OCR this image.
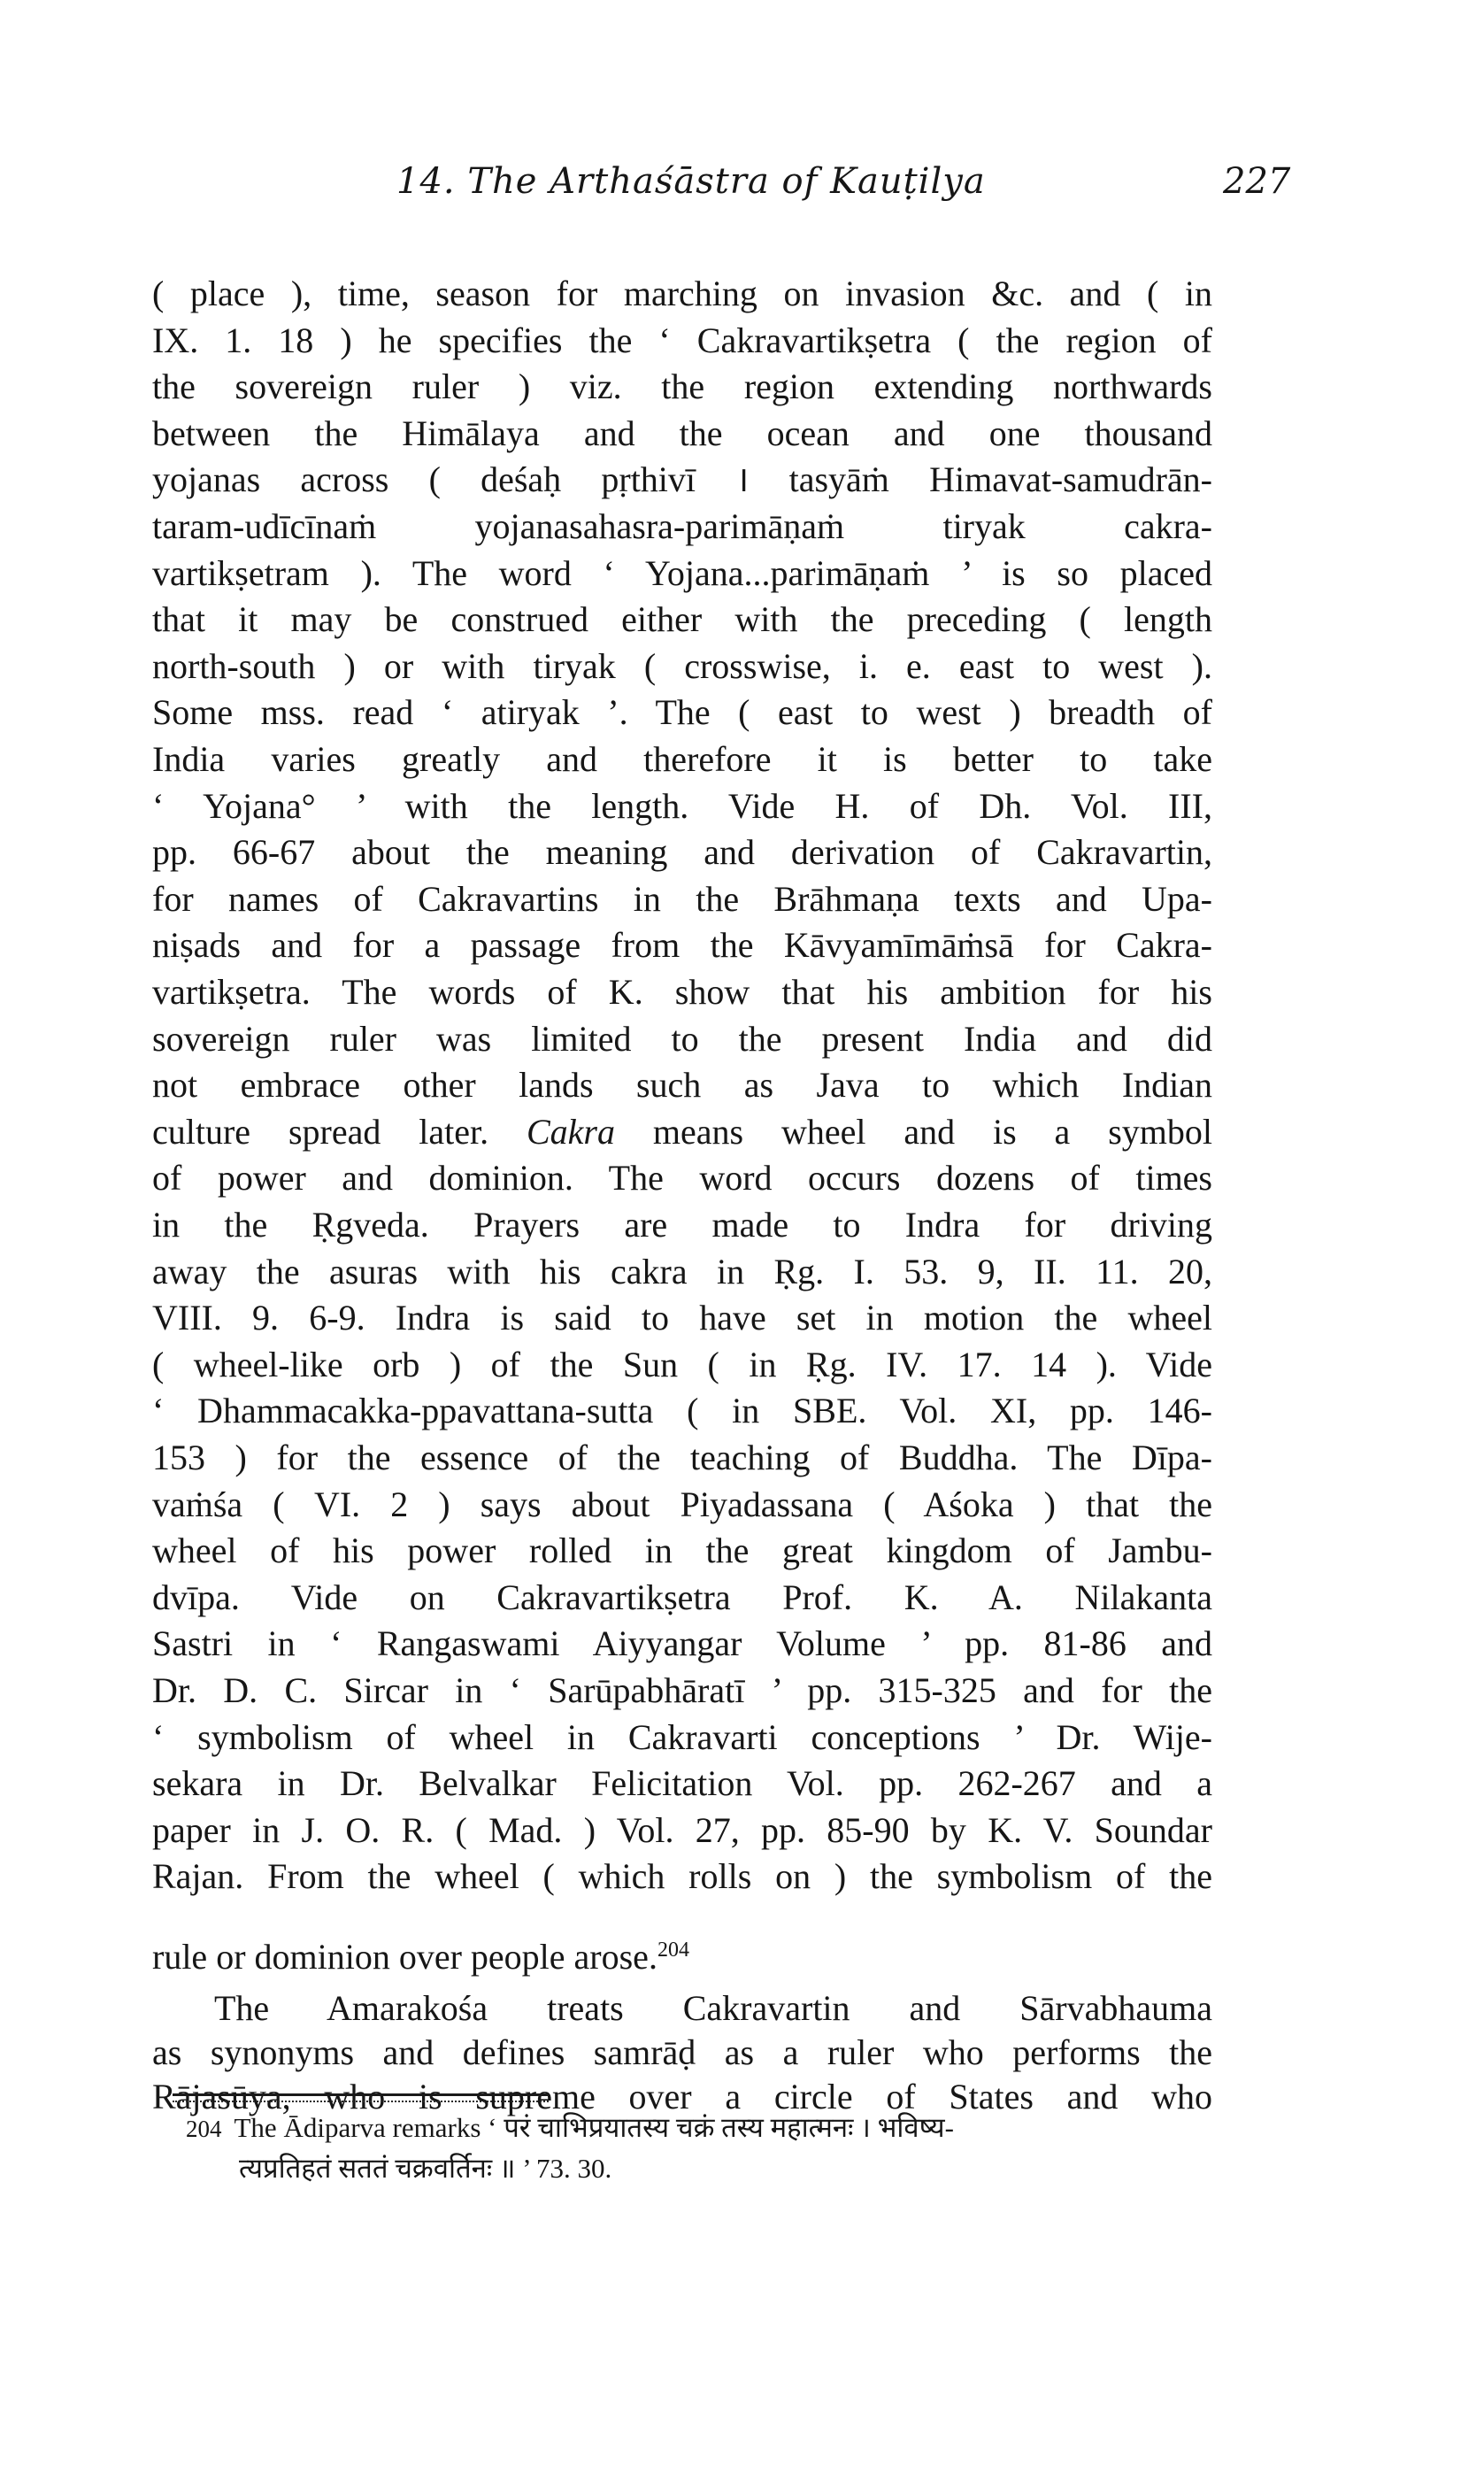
14. The Arthaśāstra of Kauṭilya	227
( place ), time, season for marching on invasion &c. and ( in
IX. 1. 18 ) he specifies the ‘ Cakravartikṣetra ( the region of
the sovereign ruler ) viz. the region extending northwards
between the Himālaya and the ocean and one thousand
yojanas across ( deśaḥ pṛthivī । tasyāṁ Himavat-samudrān-
taram-udīcīnaṁ yojanasahasra-parimāṇaṁ tiryak cakra-
vartikṣetram ). The word ‘ Yojana...parimāṇaṁ ’ is so placed
that it may be construed either with the preceding ( length
north-south ) or with tiryak ( crosswise, i. e. east to west ).
Some mss. read ‘ atiryak ’. The ( east to west ) breadth of
India varies greatly and therefore it is better to take
‘ Yojana° ’ with the length. Vide H. of Dh. Vol. III,
pp. 66-67 about the meaning and derivation of Cakravartin,
for names of Cakravartins in the Brāhmaṇa texts and Upa-
niṣads and for a passage from the Kāvyamīmāṁsā for Cakra-
vartikṣetra. The words of K. show that his ambition for his
sovereign ruler was limited to the present India and did
not embrace other lands such as Java to which Indian
culture spread later. Cakra means wheel and is a symbol
of power and dominion. The word occurs dozens of times
in the Ṛgveda. Prayers are made to Indra for driving
away the asuras with his cakra in Ṛg. I. 53. 9, II. 11. 20,
VIII. 9. 6-9. Indra is said to have set in motion the wheel
( wheel-like orb ) of the Sun ( in Ṛg. IV. 17. 14 ). Vide
‘ Dhammacakka-ppavattana-sutta ( in SBE. Vol. XI, pp. 146-
153 ) for the essence of the teaching of Buddha. The Dīpa-
vaṁśa ( VI. 2 ) says about Piyadassana ( Aśoka ) that the
wheel of his power rolled in the great kingdom of Jambu-
dvīpa. Vide on Cakravartikṣetra Prof. K. A. Nilakanta
Sastri in ‘ Rangaswami Aiyyangar Volume ’ pp. 81-86 and
Dr. D. C. Sircar in ‘ Sarūpabhāratī ’ pp. 315-325 and for the
‘ symbolism of wheel in Cakravarti conceptions ’ Dr. Wije-
sekara in Dr. Belvalkar Felicitation Vol. pp. 262-267 and a
paper in J. O. R. ( Mad. ) Vol. 27, pp. 85-90 by K. V. Soundar
Rajan. From the wheel ( which rolls on ) the symbolism of the
rule or dominion over people arose.$^{204}$
The Amarakośa treats Cakravartin and Sārvabhauma
as synonyms and defines samrāḍ as a ruler who performs the
Rājasūya, who is supreme over a circle of States and who
204 The Ādiparva remarks ‘ परं चाभिप्रयातस्य चक्रं तस्य महात्मनः । भविष्य-
त्यप्रतिहतं सततं चक्रवर्तिनः ॥ ’ 73. 30.
